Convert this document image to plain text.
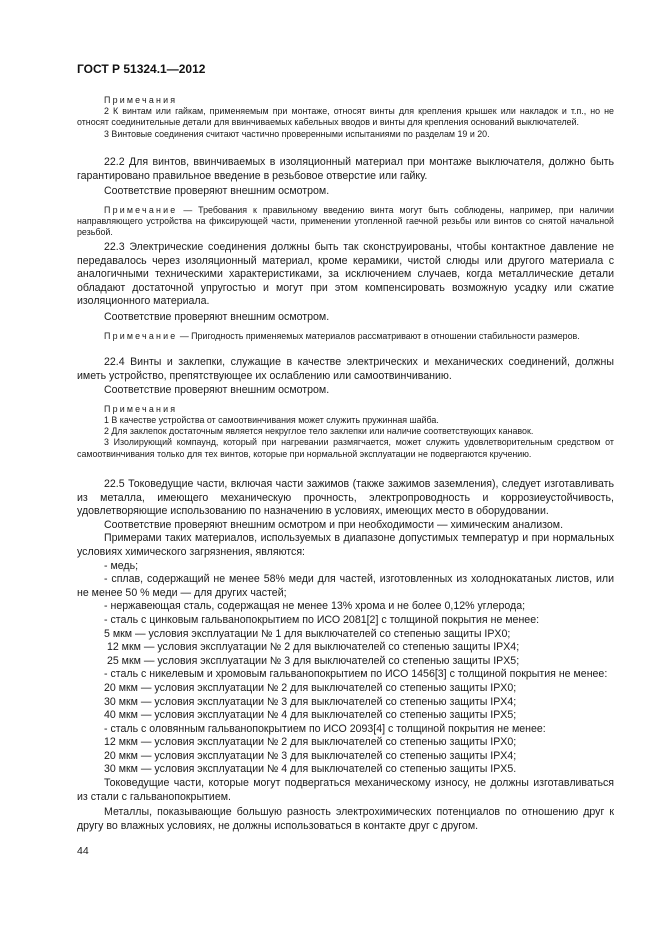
ГОСТ Р 51324.1—2012

Примечания

2 К винтам или гайкам, применяемым при монтаже, относят винты для крепления крышек или накладок и т.п., но не относят соединительные детали для ввинчиваемых кабельных вводов и винты для крепления оснований выключателей.

3 Винтовые соединения считают частично проверенными испытаниями по разделам 19 и 20.

22.2 Для винтов, ввинчиваемых в изоляционный материал при монтаже выключателя, должно быть гарантировано правильное введение в резьбовое отверстие или гайку.

Соответствие проверяют внешним осмотром.

Примечание — Требования к правильному введению винта могут быть соблюдены, например, при наличии направляющего устройства на фиксирующей части, применении утопленной гаечной резьбы или винтов со снятой начальной резьбой.

22.3 Электрические соединения должны быть так сконструированы, чтобы контактное давление не передавалось через изоляционный материал, кроме керамики, чистой слюды или другого материала с аналогичными техническими характеристиками, за исключением случаев, когда металлические детали обладают достаточной упругостью и могут при этом компенсировать возможную усадку или сжатие изоляционного материала.

Соответствие проверяют внешним осмотром.

Примечание — Пригодность применяемых материалов рассматривают в отношении стабильности размеров.

22.4 Винты и заклепки, служащие в качестве электрических и механических соединений, должны иметь устройство, препятствующее их ослаблению или самоотвинчиванию.

Соответствие проверяют внешним осмотром.

Примечания

1 В качестве устройства от самоотвинчивания может служить пружинная шайба.

2 Для заклепок достаточным является некруглое тело заклепки или наличие соответствующих канавок.

3 Изолирующий компаунд, который при нагревании размягчается, может служить удовлетворительным средством от самоотвинчивания только для тех винтов, которые при нормальной эксплуатации не подвергаются кручению.

22.5 Токоведущие части, включая части зажимов (также зажимов заземления), следует изготавливать из металла, имеющего механическую прочность, электропроводность и коррозиеустойчивость, удовлетворяющие использованию по назначению в условиях, имеющих место в оборудовании.

Соответствие проверяют внешним осмотром и при необходимости — химическим анализом.

Примерами таких материалов, используемых в диапазоне допустимых температур и при нормальных условиях химического загрязнения, являются:

- медь;

- сплав, содержащий не менее 58% меди для частей, изготовленных из холоднокатаных листов, или не менее 50 % меди — для других частей;

- нержавеющая сталь, содержащая не менее 13% хрома и не более 0,12% углерода;

- сталь с цинковым гальванопокрытием по ИСО 2081[2] с толщиной покрытия не менее:

5 мкм — условия эксплуатации № 1 для выключателей со степенью защиты IPX0;

12 мкм — условия эксплуатации № 2 для выключателей со степенью защиты IPX4;

25 мкм — условия эксплуатации № 3 для выключателей со степенью защиты IPX5;

- сталь с никелевым и хромовым гальванопокрытием по ИСО 1456[3] с толщиной покрытия не менее:

20 мкм — условия эксплуатации № 2 для выключателей со степенью защиты IPX0;

30 мкм — условия эксплуатации № 3 для выключателей со степенью защиты IPX4;

40 мкм — условия эксплуатации № 4 для выключателей со степенью защиты IPX5;

- сталь с оловянным гальванопокрытием по ИСО 2093[4] с толщиной покрытия не менее:

12 мкм — условия эксплуатации № 2 для выключателей со степенью защиты IPX0;

20 мкм — условия эксплуатации № 3 для выключателей со степенью защиты IPX4;

30 мкм — условия эксплуатации № 4 для выключателей со степенью защиты IPX5.

Токоведущие части, которые могут подвергаться механическому износу, не должны изготавливаться из стали с гальванопокрытием.

Металлы, показывающие большую разность электрохимических потенциалов по отношению друг к другу во влажных условиях, не должны использоваться в контакте друг с другом.

44
